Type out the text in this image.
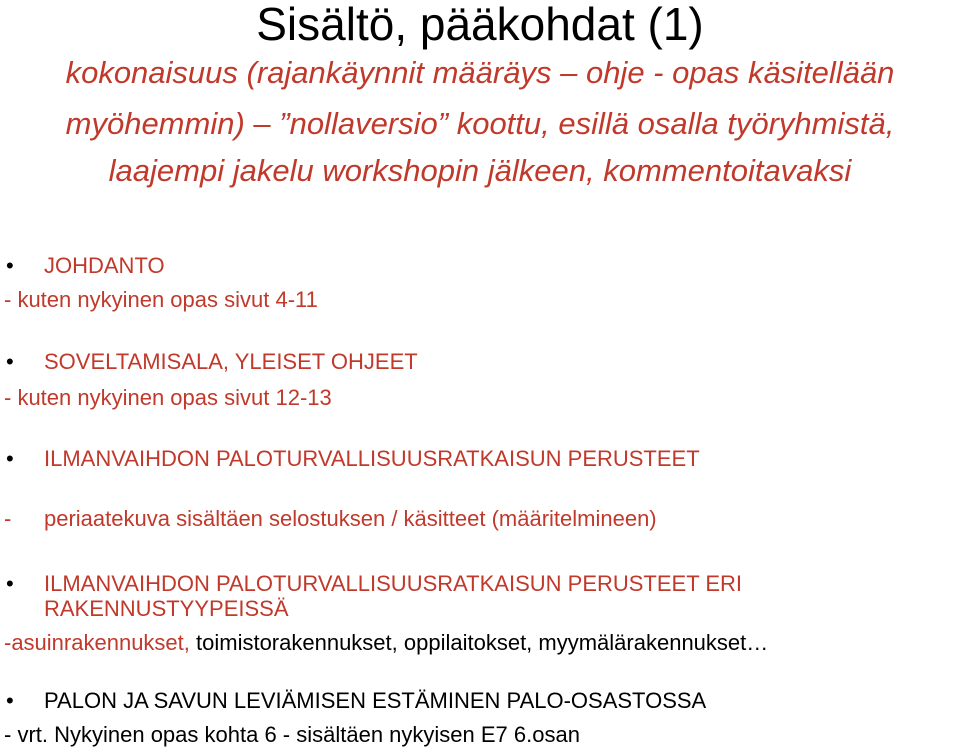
Sisältö, pääkohdat (1)
kokonaisuus (rajankäynnit määräys – ohje - opas käsitellään
myöhemmin) – ”nollaversio” koottu, esillä osalla työryhmistä,
laajempi jakelu workshopin jälkeen, kommentoitavaksi
• JOHDANTO
- kuten nykyinen opas sivut 4-11
• SOVELTAMISALA, YLEISET OHJEET
- kuten nykyinen opas sivut 12-13
• ILMANVAIHDON PALOTURVALLISUUSRATKAISUN PERUSTEET
- periaatekuva sisältäen selostuksen / käsitteet (määritelmineen)
• ILMANVAIHDON PALOTURVALLISUUSRATKAISUN PERUSTEET ERI
RAKENNUSTYYPEISSÄ
-asuinrakennukset, toimistorakennukset, oppilaitokset, myymälärakennukset…
• PALON JA SAVUN LEVIÄMISEN ESTÄMINEN PALO-OSASTOSSA
- vrt. Nykyinen opas kohta 6 - sisältäen nykyisen E7 6.osan
